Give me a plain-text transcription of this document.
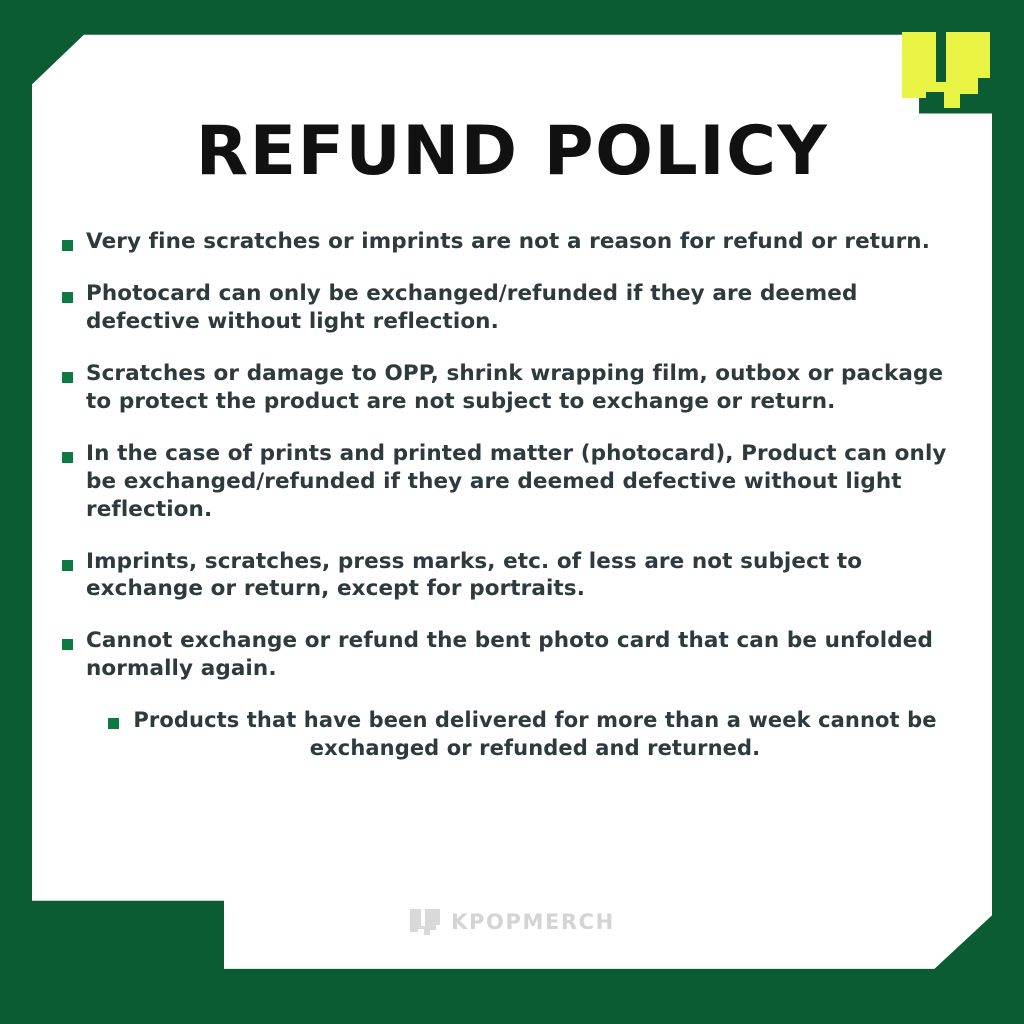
REFUND POLICY
Very fine scratches or imprints are not a reason for refund or return.
Photocard can only be exchanged/refunded if they are deemed defective without light reflection.
Scratches or damage to OPP, shrink wrapping film, outbox or package to protect the product are not subject to exchange or return.
In the case of prints and printed matter (photocard), Product can only be exchanged/refunded if they are deemed defective without light reflection.
Imprints, scratches, press marks, etc. of less are not subject to exchange or return, except for portraits.
Cannot exchange or refund the bent photo card that can be unfolded normally again.
Products that have been delivered for more than a week cannot be exchanged or refunded and returned.
KPOPMERCH
